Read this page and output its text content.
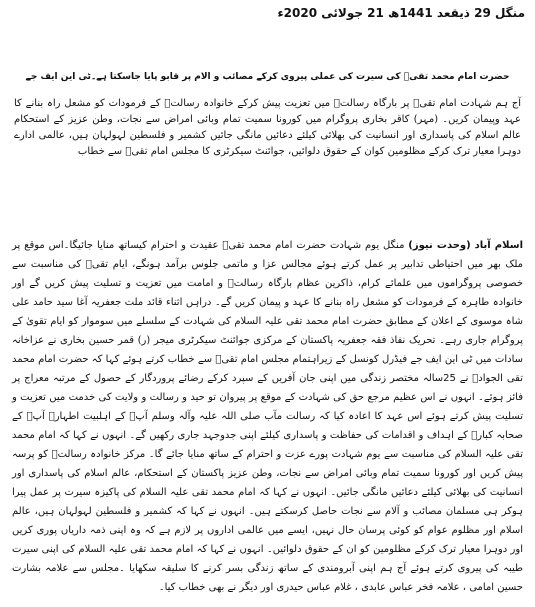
منگل 29 ذیقعد 1441ھ 21 جولائی 2020ء
حضرت امام محمد تقیؑ کی سیرت کی عملی پیروی کرکے مصائب و آلام پر قابو پایا جاسکتا ہے۔ٹی این ایف جے

آج ہم شہادت امام تقیؑ پر بارگاہ رسالتؐ میں تعزیت پیش کرکے خانوادہ رسالتؐ کے فرمودات کو مشعل راہ بنانے کا عہد وپیمان کریں۔ (مہر) کاقر بخاری پروگرام میں کورونا سمیت تمام وبائی امراض سے نجات، وطن عزیز کے استحکام عالم اسلام کی پاسداری اور انسانیت کی بھلائی کیلئے دعائیں مانگی جائیں کشمیر و فلسطین لہولہان ہیں، عالمی ادارے دوہرا معیار ترک کرکے مظلومین کوان کے حقوق دلوائیں، جوائنٹ سیکرٹری کا مجلس امام تقیؑ سے خطاب

اسلام آباد (وحدت نیوز) منگل یوم شہادت حضرت امام محمد تقیؑ عقیدت و احترام کیساتھ منایا جائیگا۔اس موقع پر ملک بھر میں احتیاطی تدابیر پر عمل کرتے ہوئے مجالس عزا و ماتمی جلوس برآمد ہونگے، ایام تقیؑ کی مناسبت سے خصوصی پروگراموں میں علمائے کرام، ذاکرین عظام بارگاہ رسالتؐ و امامت میں تعزیت و تسلیت پیش کریں گے اور خانوادہ طاہرہ کے فرمودات کو مشعل راہ بنانے کا عہد و پیمان کریں گے۔ دراہں اثناء قائد ملت جعفریہ آغا سید حامد علی شاہ موسوی کے اعلان کے مطابق حضرت امام محمد تقی علیہ السلام کی شہادت کے سلسلے میں سوموار کو ایام تقویٰ کے پروگرام جاری رہے۔ تحریک نفاذ فقہ جعفریہ پاکستان کے مرکزی جوائنٹ سیکرٹری میجر (ر) قمر حسین بخاری نے عزاخانہ سادات میں ٹی این ایف جے فیڈرل کونسل کے زیراہتمام مجلس امام تقیؑ سے خطاب کرتے ہوئے کہا کہ حضرت امام محمد تقی الجوادؑ نے 25سالہ مختصر زندگی میں اپنی جان آفریں کے سپرد کرکے رضائے پروردگار کے حصول کے مرتبہ معراج پر فائز ہوئے۔ انہوں نے اس عظیم مرجع حق کی شہادت کے موقع پر پیروان تو حید و رسالت و ولایت کی خدمت میں تعزیت و تسلیت پیش کرتے ہوئے اس عہد کا اعادہ کیا کہ رسالت مآب صلی اللہ علیہ وآلہ وسلم آپؐ کے اہلبیت اطہارؑ آپؐ کے صحابہ کبارؓ کے اہداف و اقدامات کی حفاظت و پاسداری کیلئے اپنی جدوجہد جاری رکھیں گے۔ انہوں نے کہا کہ امام محمد تقی علیہ السلام کی مناسبت سے یوم شہادت پورے عزت و احترام کے ساتھ منایا جائے گا۔ مرکز خانوادہ رسالتؐ کو پرسہ پیش کریں اور کورونا سمیت تمام وبائی امراض سے نجات، وطن عزیز پاکستان کے استحکام، عالم اسلام کی پاسداری اور انسانیت کی بھلائی کیلئے دعائیں مانگی جائیں۔ انہوں نے کہا کہ امام محمد تقی علیہ السلام کی پاکیزہ سیرت پر عمل پیرا ہوکر ہی مسلمان مصائب و آلام سے نجات حاصل کرسکتے ہیں۔ انہوں نے کہا کہ کشمیر و فلسطین لہولہان ہیں، عالم اسلام اور مظلوم عوام کو کوئی پرسان حال نہیں، ایسے میں عالمی اداروں پر لازم ہے کہ وہ اپنی ذمہ داریاں پوری کریں اور دوہرا معیار ترک کرکے مظلومین کو ان کے حقوق دلوائیں۔ انہوں نے کہا کہ امام محمد تقی علیہ السلام کی اپنی سیرت طیبہ کی پیروی کرتے ہوئے آج ہم اپنی آبرومندی کے ساتھ زندگی بسر کرنے کا سلیقہ سکھایا ۔مجلس سے علامہ بشارت حسین امامی ، علامہ فخر عباس عابدی ، غلام عباس حیدری اور دیگر نے بھی خطاب کیا۔
